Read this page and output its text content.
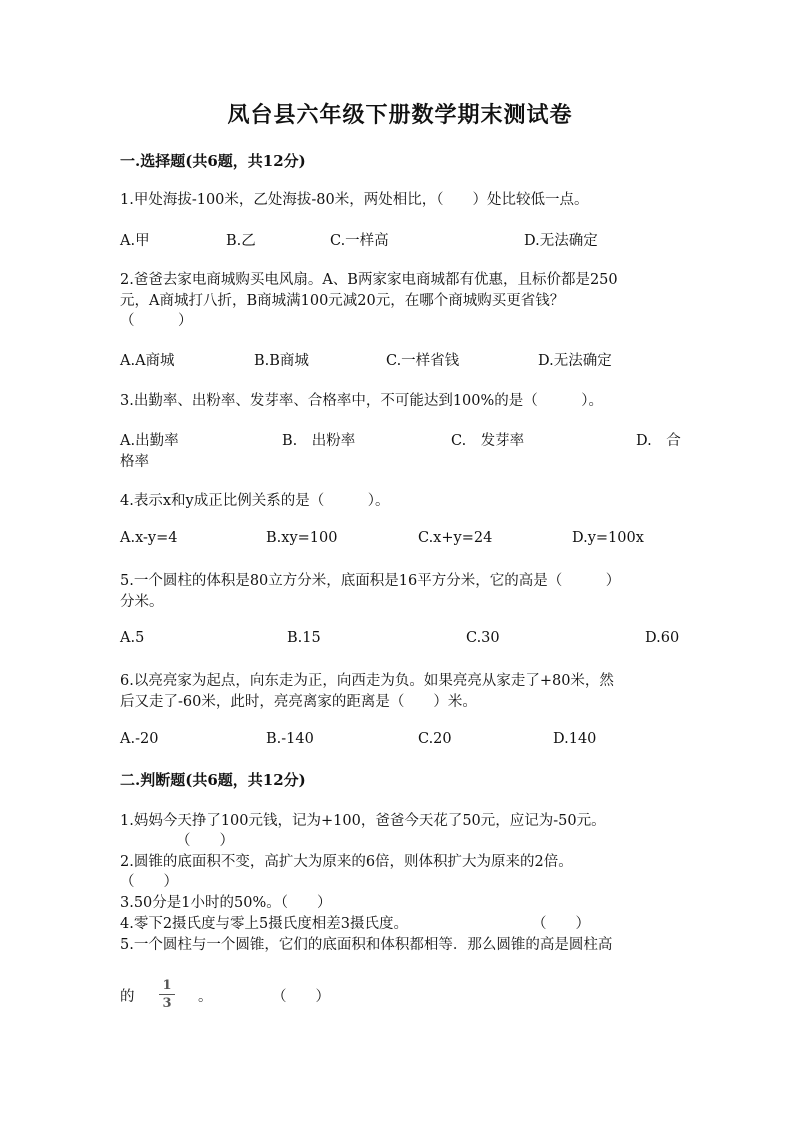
凤台县六年级下册数学期末测试卷
一.选择题(共6题，共12分)
1.甲处海拔-100米，乙处海拔-80米，两处相比，（　　）处比较低一点。
A.甲	B.乙	C.一样高	D.无法确定
2.爸爸去家电商城购买电风扇。A、B两家家电商城都有优惠，且标价都是250
元，A商城打八折，B商城满100元减20元，在哪个商城购买更省钱？
（　　　）
A.A商城	B.B商城	C.一样省钱	D.无法确定
3.出勤率、出粉率、发芽率、合格率中，不可能达到100%的是（　　　）。
A.出勤率	B.　出粉率	C.　发芽率	D.　合
格率
4.表示x和y成正比例关系的是（　　　）。
A.x-y=4	B.xy=100	C.x+y=24	D.y=100x
5.一个圆柱的体积是80立方分米，底面积是16平方分米，它的高是（　　　）
分米。
A.5	B.15	C.30	D.60
6.以亮亮家为起点，向东走为正，向西走为负。如果亮亮从家走了+80米，然
后又走了-60米，此时，亮亮离家的距离是（　　）米。
A.-20	B.-140	C.20	D.140
二.判断题(共6题，共12分)
1.妈妈今天挣了100元钱，记为+100，爸爸今天花了50元，应记为-50元。
（　　）
2.圆锥的底面积不变，高扩大为原来的6倍，则体积扩大为原来的2倍。
（　　）
3.50分是1小时的50%。（　　）
4.零下2摄氏度与零上5摄氏度相差3摄氏度。	（　　）
5.一个圆柱与一个圆锥，它们的底面积和体积都相等．那么圆锥的高是圆柱高
的
1
3	。	（　　）
